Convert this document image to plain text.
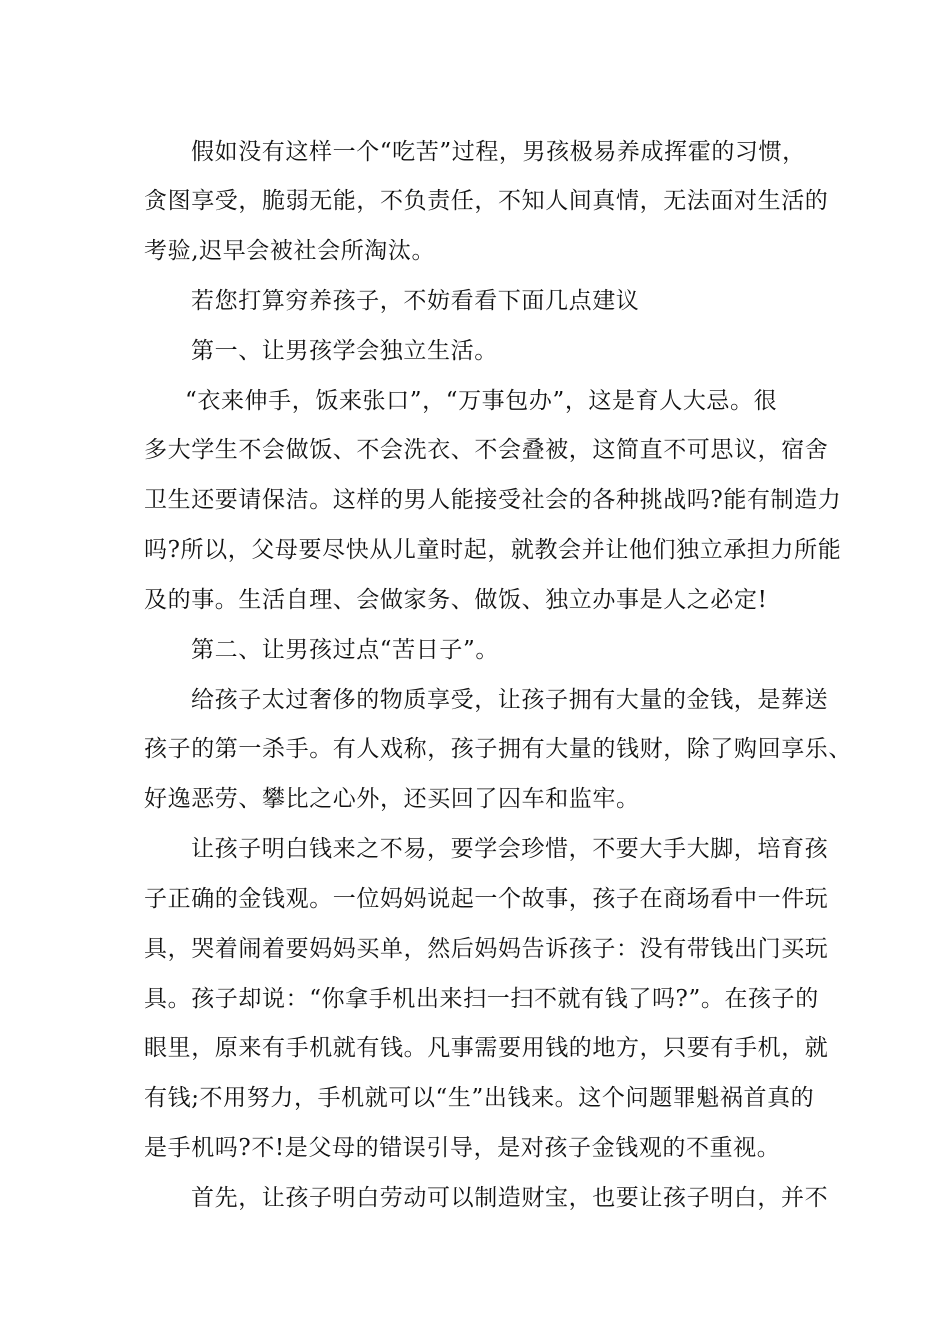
假如没有这样一个“吃苦”过程，男孩极易养成挥霍的习惯，
贪图享受，脆弱无能，不负责任，不知人间真情，无法面对生活的
考验,迟早会被社会所淘汰。
若您打算穷养孩子，不妨看看下面几点建议
第一、让男孩学会独立生活。
“衣来伸手，饭来张口”，“万事包办”，这是育人大忌。很
多大学生不会做饭、不会洗衣、不会叠被，这简直不可思议，宿舍
卫生还要请保洁。这样的男人能接受社会的各种挑战吗?能有制造力
吗?所以，父母要尽快从儿童时起，就教会并让他们独立承担力所能
及的事。生活自理、会做家务、做饭、独立办事是人之必定!
第二、让男孩过点“苦日子”。
给孩子太过奢侈的物质享受，让孩子拥有大量的金钱，是葬送
孩子的第一杀手。有人戏称，孩子拥有大量的钱财，除了购回享乐、
好逸恶劳、攀比之心外，还买回了囚车和监牢。
让孩子明白钱来之不易，要学会珍惜，不要大手大脚，培育孩
子正确的金钱观。一位妈妈说起一个故事，孩子在商场看中一件玩
具，哭着闹着要妈妈买单，然后妈妈告诉孩子：没有带钱出门买玩
具。孩子却说：“你拿手机出来扫一扫不就有钱了吗?”。在孩子的
眼里，原来有手机就有钱。凡事需要用钱的地方，只要有手机，就
有钱;不用努力，手机就可以“生”出钱来。这个问题罪魁祸首真的
是手机吗?不!是父母的错误引导，是对孩子金钱观的不重视。
首先，让孩子明白劳动可以制造财宝，也要让孩子明白，并不
